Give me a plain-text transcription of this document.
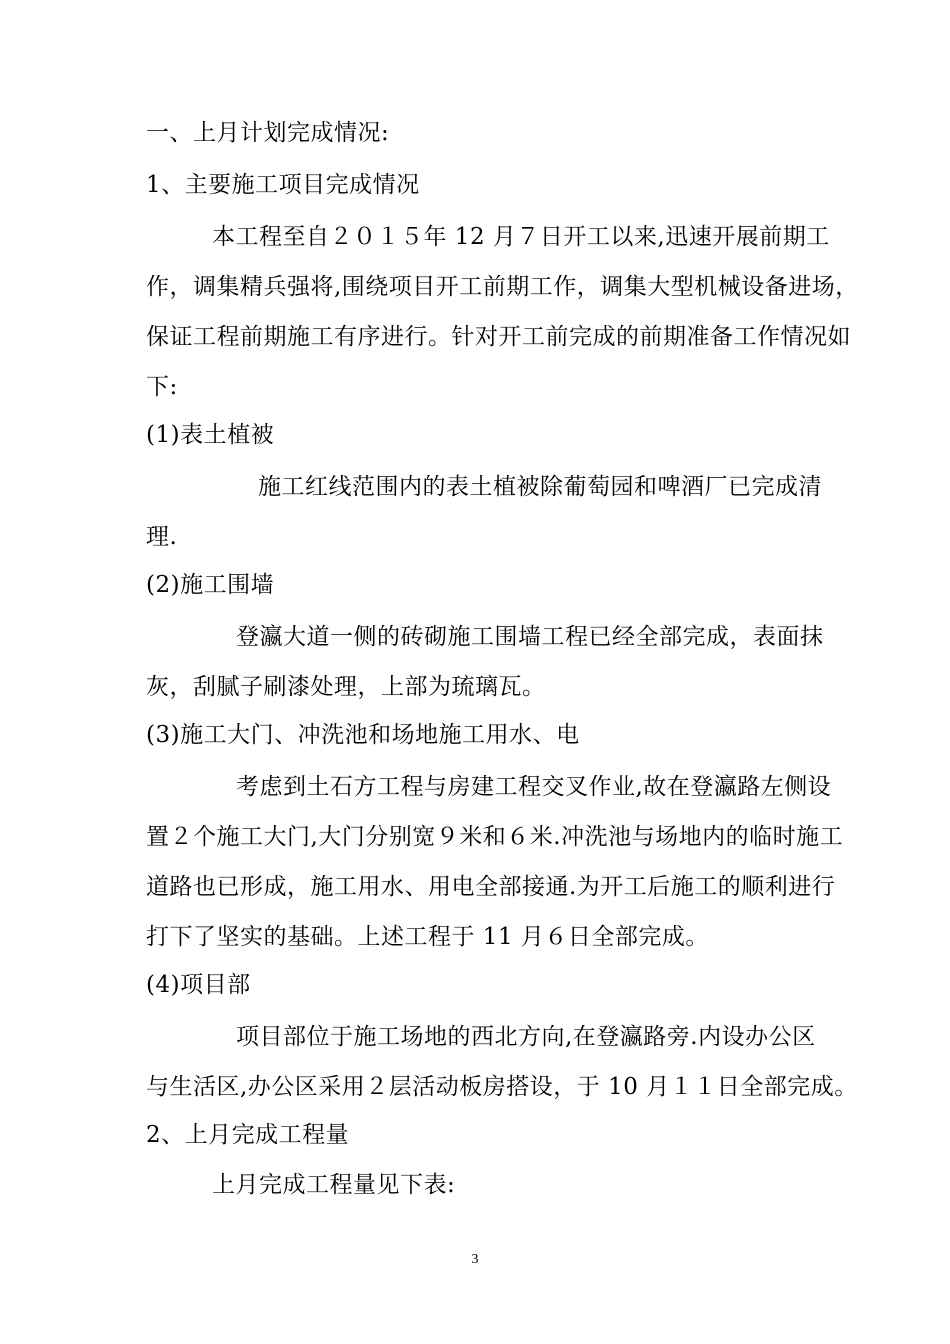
一、上月计划完成情况:
1、主要施工项目完成情况
本工程至自２０１５年 12 月７日开工以来,迅速开展前期工
作，调集精兵强将,围绕项目开工前期工作，调集大型机械设备进场，
保证工程前期施工有序进行。针对开工前完成的前期准备工作情况如
下:
(1)表土植被
施工红线范围内的表土植被除葡萄园和啤酒厂已完成清
理.
(2)施工围墙
登瀛大道一侧的砖砌施工围墙工程已经全部完成，表面抹
灰，刮腻子刷漆处理，上部为琉璃瓦。
(3)施工大门、冲洗池和场地施工用水、电
考虑到土石方工程与房建工程交叉作业,故在登瀛路左侧设
置２个施工大门,大门分别宽９米和６米.冲洗池与场地内的临时施工
道路也已形成，施工用水、用电全部接通.为开工后施工的顺利进行
打下了坚实的基础。上述工程于 11 月６日全部完成。
(4)项目部
项目部位于施工场地的西北方向,在登瀛路旁.内设办公区
与生活区,办公区采用２层活动板房搭设，于 10 月１１日全部完成。
2、上月完成工程量
上月完成工程量见下表:
3
